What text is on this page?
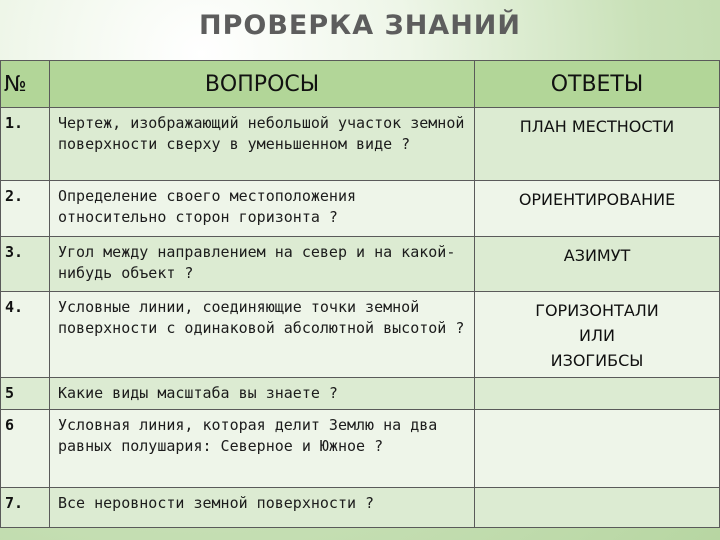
ПРОВЕРКА ЗНАНИЙ
№	ВОПРОСЫ	ОТВЕТЫ
1.	Чертеж, изображающий небольшой участок земной поверхности сверху в уменьшенном виде ?	ПЛАН МЕСТНОСТИ
2.	Определение своего местоположения относительно сторон горизонта ?	ОРИЕНТИРОВАНИЕ
3.	Угол между направлением на север и на какой-нибудь объект ?	АЗИМУТ
4.	Условные линии, соединяющие точки земной поверхности с одинаковой абсолютной высотой ?	ГОРИЗОНТАЛИ
ИЛИ
ИЗОГИБСЫ

5	Какие виды масштаба вы знаете ?	
6	Условная линия, которая делит Землю на два равных полушария: Северное и Южное ?	
7.	Все неровности земной поверхности ?	
